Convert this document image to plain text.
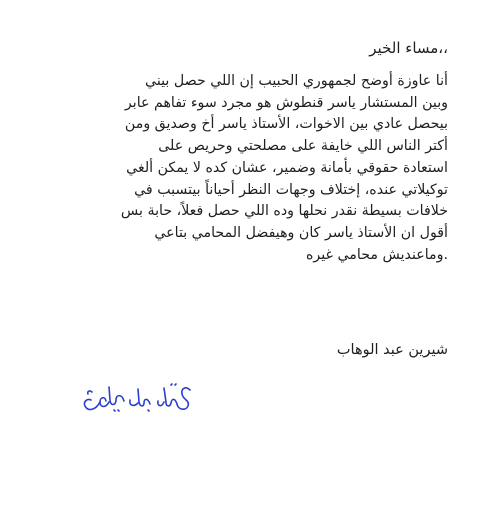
،،مساء الخير

أنا عاوزة أوضح لجمهوري الحبيب إن اللي حصل بيني

وبين المستشار ياسر قنطوش هو مجرد سوء تفاهم عابر

بيحصل عادي بين الاخوات، الأستاذ ياسر أخ وصديق ومن

أكتر الناس اللي خايفة على مصلحتي وحريص على

استعادة حقوقي بأمانة وضمير، عشان كده لا يمكن ألغي

توكيلاتي عنده، إختلاف وجهات النظر أحياناً بيتسبب في

خلافات بسيطة نقدر نحلها وده اللي حصل فعلاً، حابة بس

أقول ان الأستاذ ياسر كان وهيفضل المحامي بتاعي

.وماعنديش محامي غيره

شيرين عبد الوهاب
